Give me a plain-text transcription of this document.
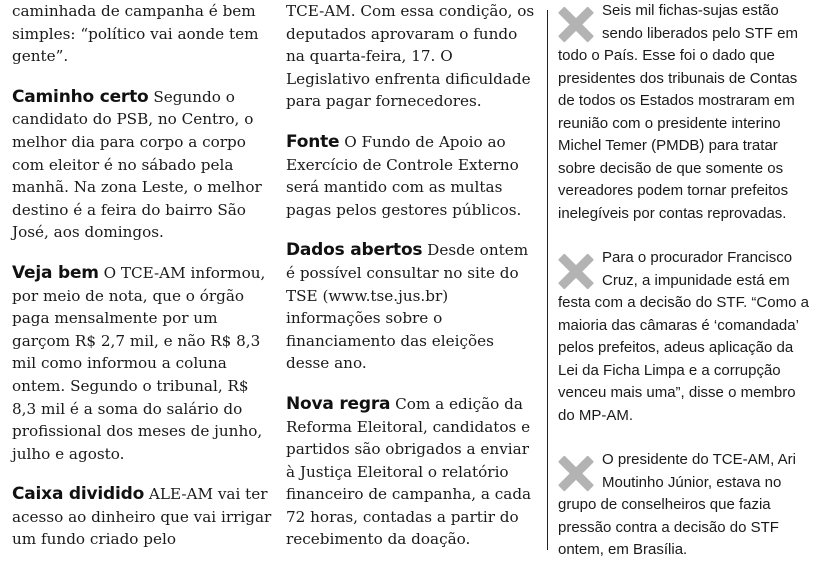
caminhada de campanha é bem simples: “político vai aonde tem gente”.

Caminho certo Segundo o candidato do PSB, no Centro, o melhor dia para corpo a corpo com eleitor é no sábado pela manhã. Na zona Leste, o melhor destino é a feira do bairro São José, aos domingos.

Veja bem O TCE-AM informou, por meio de nota, que o órgão paga mensalmente por um garçom R$ 2,7 mil, e não R$ 8,3 mil como informou a coluna ontem. Segundo o tribunal, R$ 8,3 mil é a soma do salário do profissional dos meses de junho, julho e agosto.

Caixa dividido ALE-AM vai ter acesso ao dinheiro que vai irrigar um fundo criado pelo

TCE-AM. Com essa condição, os deputados aprovaram o fundo na quarta-feira, 17. O Legislativo enfrenta dificuldade para pagar fornecedores.

Fonte O Fundo de Apoio ao Exercício de Controle Externo será mantido com as multas pagas pelos gestores públicos.

Dados abertos Desde ontem é possível consultar no site do TSE (www.tse.jus.br) informações sobre o financiamento das eleições desse ano.

Nova regra Com a edição da Reforma Eleitoral, candidatos e partidos são obrigados a enviar à Justiça Eleitoral o relatório financeiro de campanha, a cada 72 horas, contadas a partir do recebimento da doação.

Seis mil fichas-sujas estão sendo liberados pelo STF em todo o País. Esse foi o dado que presidentes dos tribunais de Contas de todos os Estados mostraram em reunião com o presidente interino Michel Temer (PMDB) para tratar sobre decisão de que somente os vereadores podem tornar prefeitos inelegíveis por contas reprovadas.
Para o procurador Francisco Cruz, a impunidade está em festa com a decisão do STF. “Como a maioria das câmaras é ‘comandada’ pelos prefeitos, adeus aplicação da Lei da Ficha Limpa e a corrupção venceu mais uma”, disse o membro do MP-AM.
O presidente do TCE-AM, Ari Moutinho Júnior, estava no grupo de conselheiros que fazia pressão contra a decisão do STF ontem, em Brasília.
